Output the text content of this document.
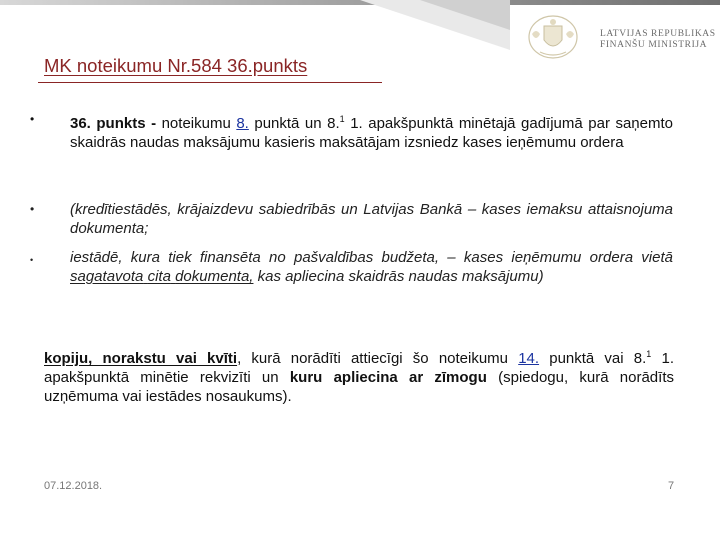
LATVIJAS REPUBLIKAS
FINANŠU MINISTRIJA
MK noteikumu Nr.584 36.punkts
• 36. punkts - noteikumu 8. punktā un 8.$^1$ 1. apakšpunktā minētajā gadījumā par saņemto skaidrās naudas maksājumu kasieris maksātājam izsniedz kases ieņēmumu ordera
• (kredītiestādēs, krājaizdevu sabiedrībās un Latvijas Bankā – kases iemaksu attaisnojuma dokumenta;
• iestādē, kura tiek finansēta no pašvaldības budžeta, – kases ieņēmumu ordera vietā sagatavota cita dokumenta, kas apliecina skaidrās naudas maksājumu)
kopiju, norakstu vai kvīti, kurā norādīti attiecīgi šo noteikumu 14. punktā vai 8.$^1$ 1. apakšpunktā minētie rekvizīti un kuru apliecina ar zīmogu (spiedogu, kurā norādīts uzņēmuma vai iestādes nosaukums).
07.12.2018.	7
